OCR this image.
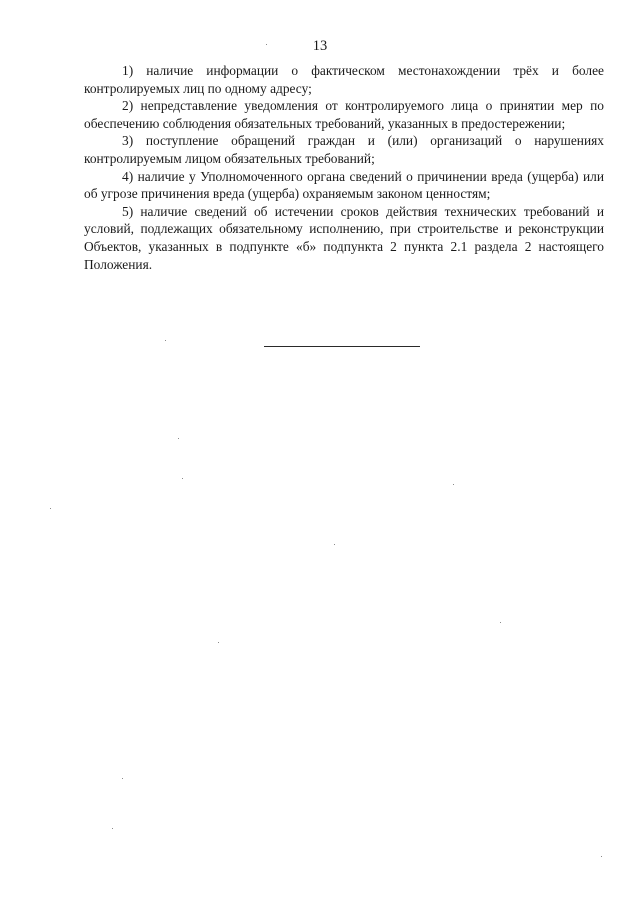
13

1) наличие информации о фактическом местонахождении трёх и более контролируемых лиц по одному адресу;

2) непредставление уведомления от контролируемого лица о принятии мер по обеспечению соблюдения обязательных требований, указанных в предостережении;

3) поступление обращений граждан и (или) организаций о нарушениях контролируемым лицом обязательных требований;

4) наличие у Уполномоченного органа сведений о причинении вреда (ущерба) или об угрозе причинения вреда (ущерба) охраняемым законом ценностям;

5) наличие сведений об истечении сроков действия технических требований и условий, подлежащих обязательному исполнению, при строительстве и реконструкции Объектов, указанных в подпункте «б» подпункта 2 пункта 2.1 раздела 2 настоящего Положения.
